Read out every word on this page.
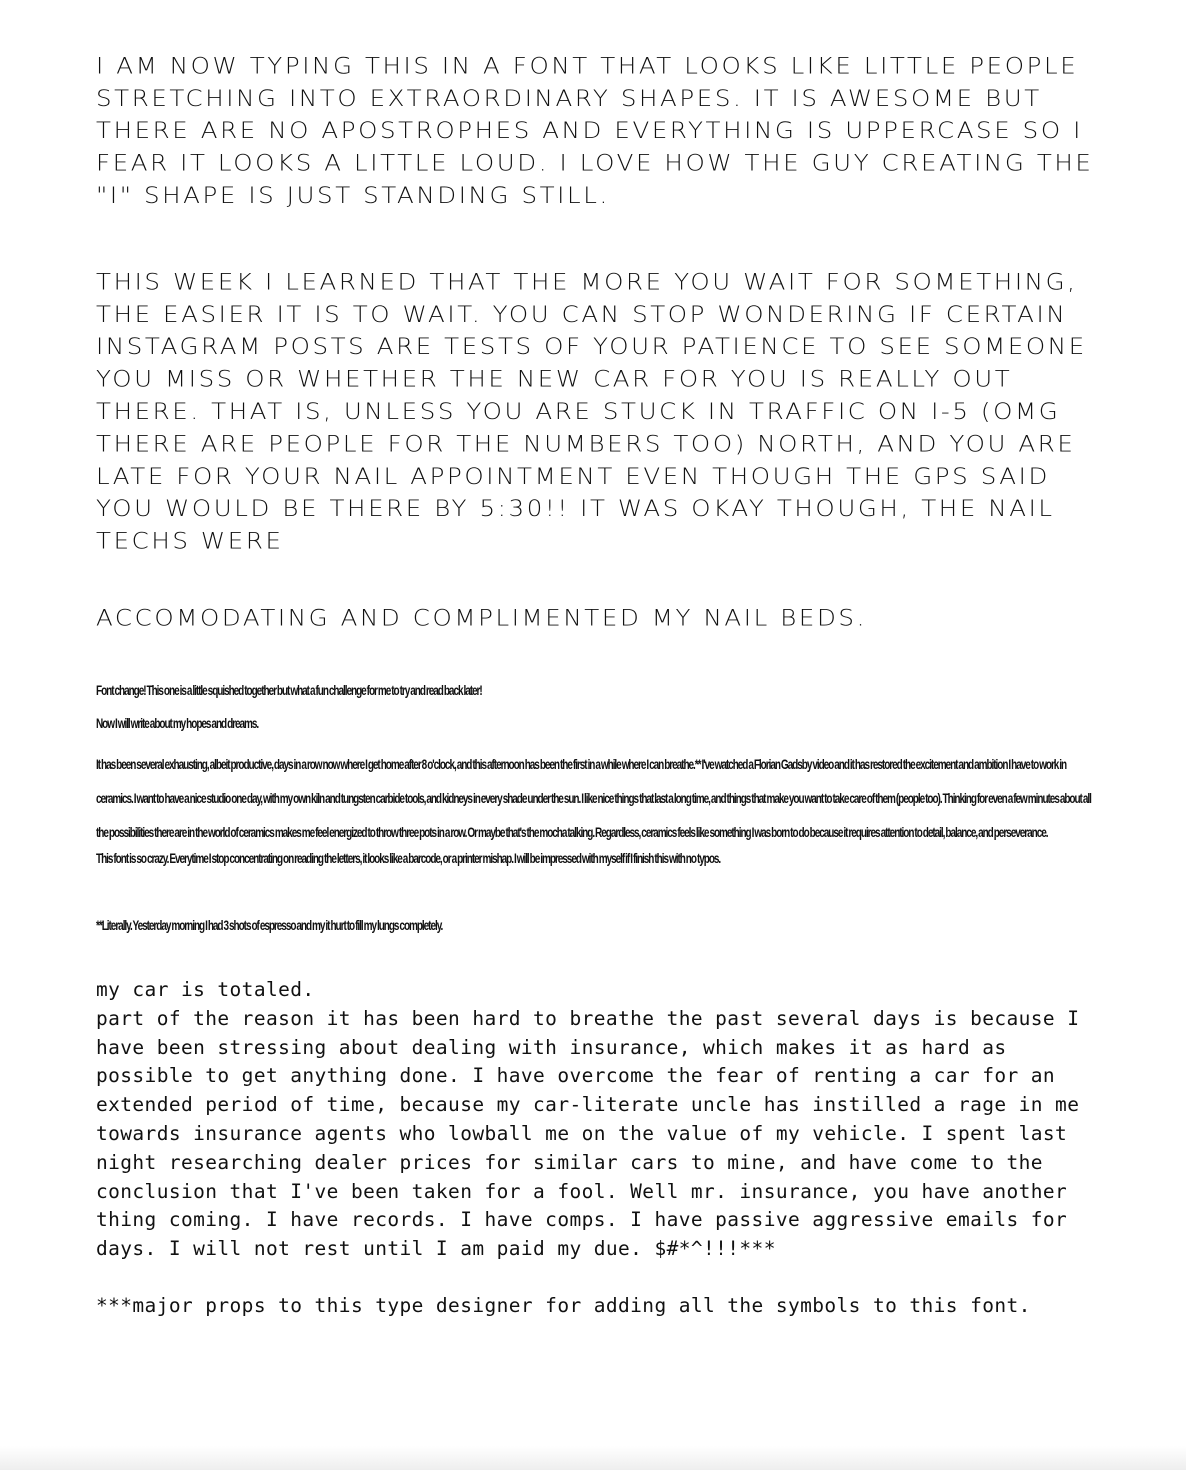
I AM NOW TYPING THIS IN A FONT THAT LOOKS LIKE LITTLE PEOPLE STRETCHING INTO EXTRAORDINARY SHAPES. IT IS AWESOME BUT THERE ARE NO APOSTROPHES AND EVERYTHING IS UPPERCASE SO I FEAR IT LOOKS A LITTLE LOUD. I LOVE HOW THE GUY CREATING THE "I" SHAPE IS JUST STANDING STILL.

THIS WEEK I LEARNED THAT THE MORE YOU WAIT FOR SOMETHING, THE EASIER IT IS TO WAIT. YOU CAN STOP WONDERING IF CERTAIN INSTAGRAM POSTS ARE TESTS OF YOUR PATIENCE TO SEE SOMEONE YOU MISS OR WHETHER THE NEW CAR FOR YOU IS REALLY OUT THERE. THAT IS, UNLESS YOU ARE STUCK IN TRAFFIC ON I-5 (OMG THERE ARE PEOPLE FOR THE NUMBERS TOO) NORTH, AND YOU ARE LATE FOR YOUR NAIL APPOINTMENT EVEN THOUGH THE GPS SAID YOU WOULD BE THERE BY 5:30!! IT WAS OKAY THOUGH, THE NAIL TECHS WERE

ACCOMODATING AND COMPLIMENTED MY NAIL BEDS.

Font change! This one is a little squished together but what a fun challenge for me to try and read back later!

Now I will write about my hopes and dreams.

It has been several exhausting, albeit productive, days in a row now where I get home after 8 o'clock, and this afternoon has been the first in a while where I can breathe.** I've watched a Florian Gadsby video and it has restored the excitement and ambition I have to work in ceramics. I want to have a nice studio one day, with my own kiln and tungsten carbide tools, and kidneys in every shade under the sun. I like nice things that last a long time, and things that make you want to take care of them (people too). Thinking for even a few minutes about all the possibilities there are in the world of ceramics makes me feel energized to throw three pots in a row. Or maybe that's the mocha talking. Regardless, ceramics feels like something I was born to do because it requires attention to detail, balance, and perseverance.

This font is so crazy. Everytime I stop concentrating on reading the letters, it looks like a barcode, or a printer mishap. I will be impressed with myself if I finish this with no typos.

**Literally. Yesterday morning I had 3 shots of espresso and my it hurt to fill my lungs completely.

my car is totaled.

part of the reason it has been hard to breathe the past several days is because I have been stressing about dealing with insurance, which makes it as hard as possible to get anything done. I have overcome the fear of renting a car for an extended period of time, because my car-literate uncle has instilled a rage in me towards insurance agents who lowball me on the value of my vehicle. I spent last night researching dealer prices for similar cars to mine, and have come to the conclusion that I've been taken for a fool. Well mr. insurance, you have another thing coming. I have records. I have comps. I have passive aggressive emails for days. I will not rest until I am paid my due. $#*^!!!***

***major props to this type designer for adding all the symbols to this font.
